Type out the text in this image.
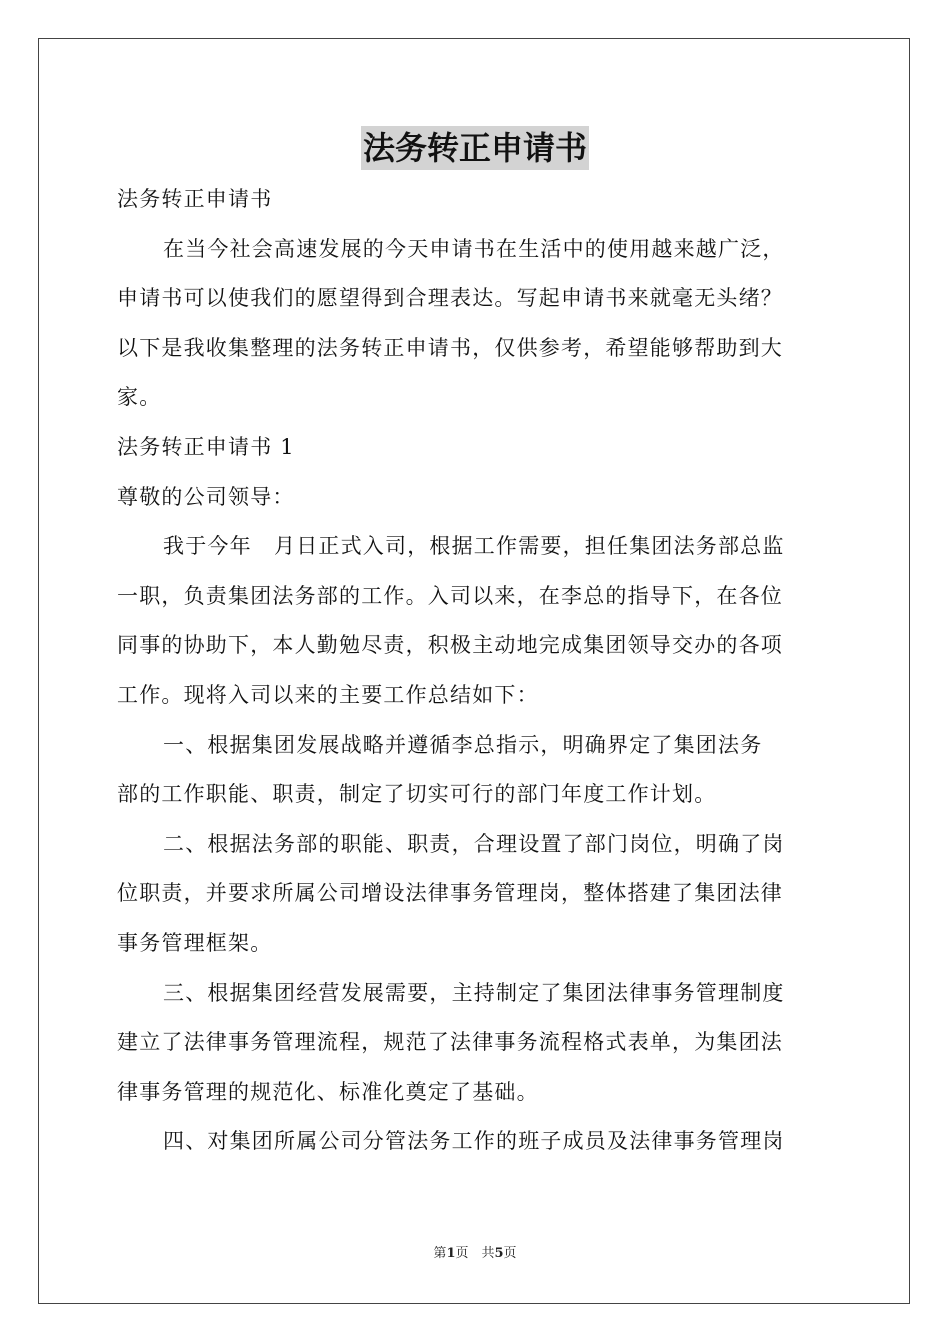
法务转正申请书
法务转正申请书
在当今社会高速发展的今天申请书在生活中的使用越来越广泛，
申请书可以使我们的愿望得到合理表达。写起申请书来就毫无头绪？
以下是我收集整理的法务转正申请书，仅供参考，希望能够帮助到大
家。
法务转正申请书 1
尊敬的公司领导：
我于今年　月日正式入司，根据工作需要，担任集团法务部总监
一职，负责集团法务部的工作。入司以来，在李总的指导下，在各位
同事的协助下，本人勤勉尽责，积极主动地完成集团领导交办的各项
工作。现将入司以来的主要工作总结如下：
一、根据集团发展战略并遵循李总指示，明确界定了集团法务
部的工作职能、职责，制定了切实可行的部门年度工作计划。
二、根据法务部的职能、职责，合理设置了部门岗位，明确了岗
位职责，并要求所属公司增设法律事务管理岗，整体搭建了集团法律
事务管理框架。
三、根据集团经营发展需要，主持制定了集团法律事务管理制度
建立了法律事务管理流程，规范了法律事务流程格式表单，为集团法
律事务管理的规范化、标准化奠定了基础。
四、对集团所属公司分管法务工作的班子成员及法律事务管理岗
第1页　共5页
